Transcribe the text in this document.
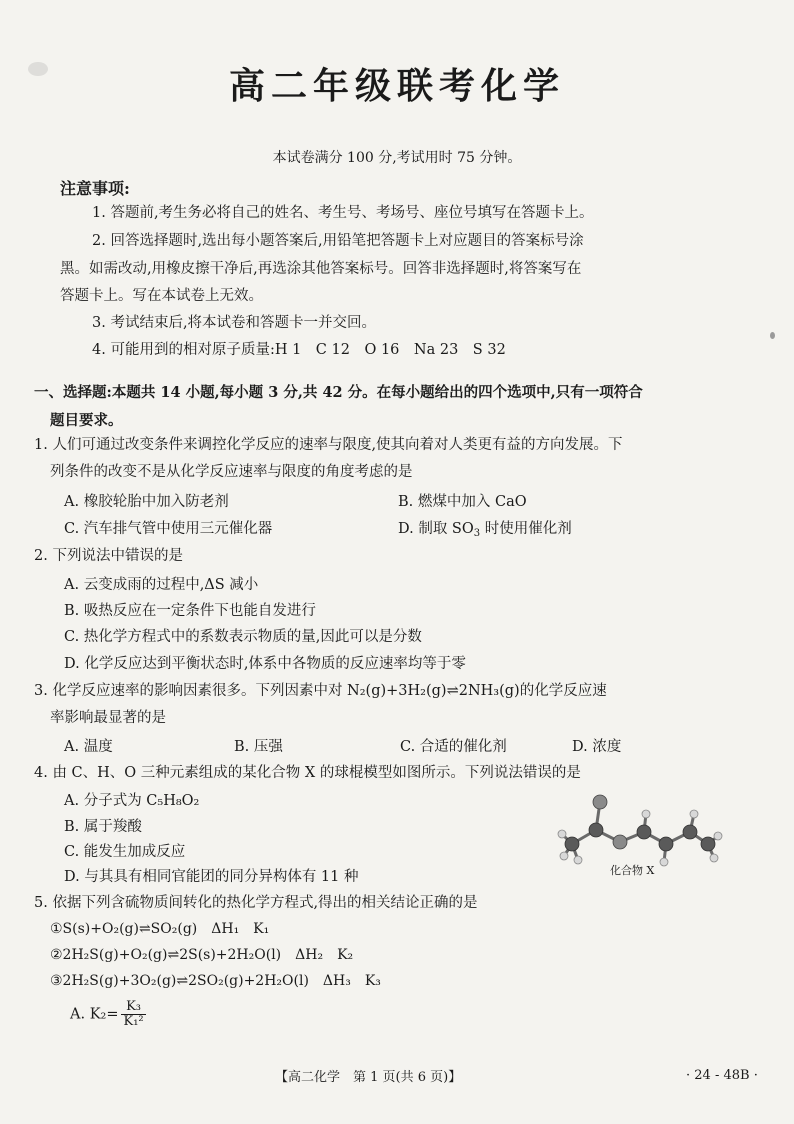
高二年级联考化学
本试卷满分 100 分,考试用时 75 分钟。
注意事项:
1. 答题前,考生务必将自己的姓名、考生号、考场号、座位号填写在答题卡上。
2. 回答选择题时,选出每小题答案后,用铅笔把答题卡上对应题目的答案标号涂
黑。如需改动,用橡皮擦干净后,再选涂其他答案标号。回答非选择题时,将答案写在
答题卡上。写在本试卷上无效。
3. 考试结束后,将本试卷和答题卡一并交回。
4. 可能用到的相对原子质量:H 1　C 12　O 16　Na 23　S 32
一、选择题:本题共 14 小题,每小题 3 分,共 42 分。在每小题给出的四个选项中,只有一项符合
题目要求。
1. 人们可通过改变条件来调控化学反应的速率与限度,使其向着对人类更有益的方向发展。下
列条件的改变不是从化学反应速率与限度的角度考虑的是
A. 橡胶轮胎中加入防老剂	B. 燃煤中加入 CaO
C. 汽车排气管中使用三元催化器	D. 制取 $SO_3$ 时使用催化剂
2. 下列说法中错误的是
A. 云变成雨的过程中,ΔS 减小
B. 吸热反应在一定条件下也能自发进行
C. 热化学方程式中的系数表示物质的量,因此可以是分数
D. 化学反应达到平衡状态时,体系中各物质的反应速率均等于零
3. 化学反应速率的影响因素很多。下列因素中对 N₂(g)+3H₂(g)⇌2NH₃(g)的化学反应速
率影响最显著的是
A. 温度	B. 压强	C. 合适的催化剂	D. 浓度
4. 由 C、H、O 三种元素组成的某化合物 X 的球棍模型如图所示。下列说法错误的是
A. 分子式为 C₅H₈O₂
B. 属于羧酸
C. 能发生加成反应
D. 与其具有相同官能团的同分异构体有 11 种	化合物 X
5. 依据下列含硫物质间转化的热化学方程式,得出的相关结论正确的是
①S(s)+O₂(g)⇌SO₂(g)　ΔH₁　K₁
②2H₂S(g)+O₂(g)⇌2S(s)+2H₂O(l)　ΔH₂　K₂
③2H₂S(g)+3O₂(g)⇌2SO₂(g)+2H₂O(l)　ΔH₃　K₃
A. $K_2= \frac{\text{K₃}}{\text{K₁²}}$
【高二化学　第 1 页(共 6 页)】	· 24 - 48B ·
